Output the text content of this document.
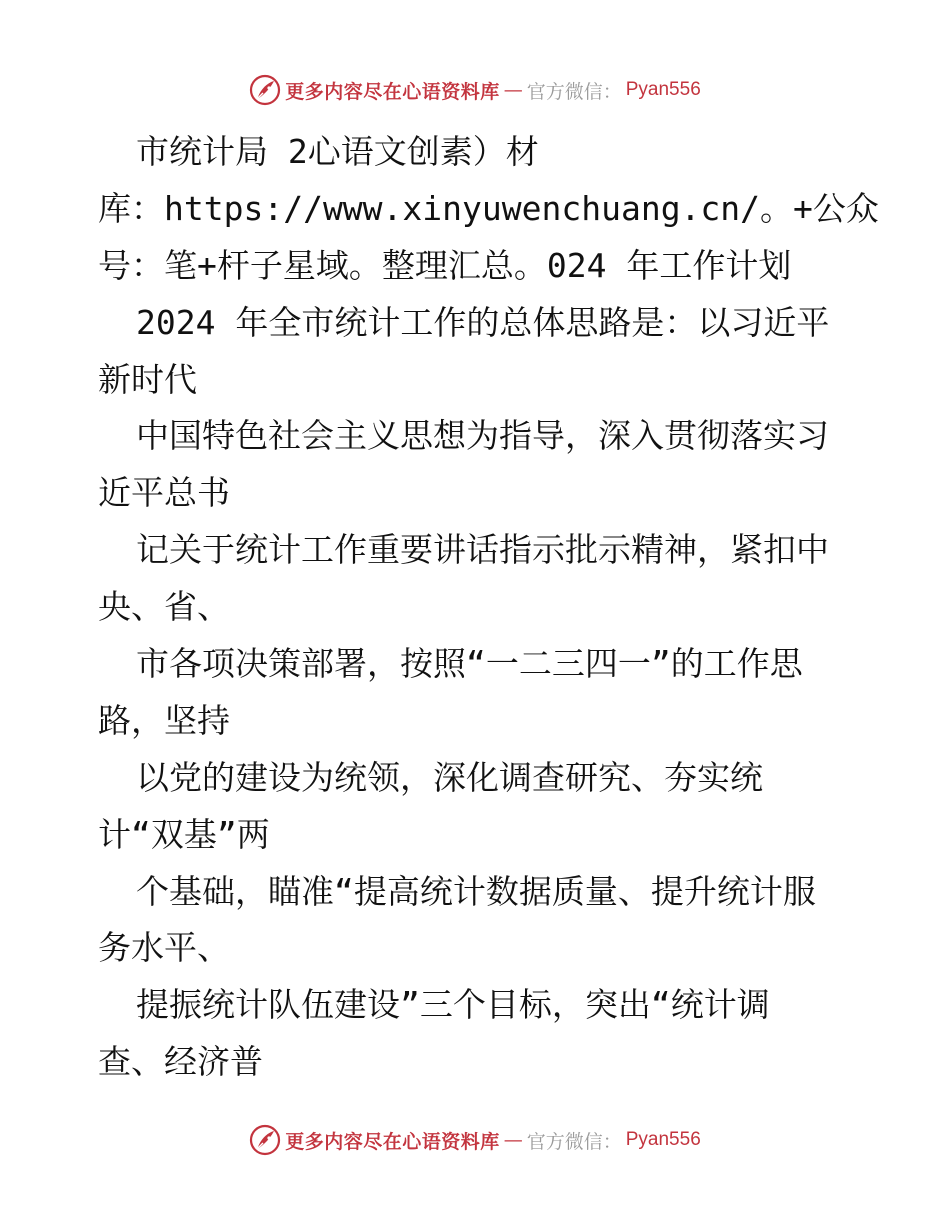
更多内容尽在心语资料库 — 官方微信： Pyan556
市统计局 2心语文创素）材
库：https://www.xinyuwenchuang.cn/。+公众
号：笔+杆子星域。整理汇总。024 年工作计划
2024 年全市统计工作的总体思路是：以习近平
新时代
中国特色社会主义思想为指导，深入贯彻落实习
近平总书
记关于统计工作重要讲话指示批示精神，紧扣中
央、省、
市各项决策部署，按照“一二三四一”的工作思
路，坚持
以党的建设为统领，深化调查研究、夯实统
计“双基”两
个基础，瞄准“提高统计数据质量、提升统计服
务水平、
提振统计队伍建设”三个目标，突出“统计调
查、经济普
更多内容尽在心语资料库 — 官方微信： Pyan556
